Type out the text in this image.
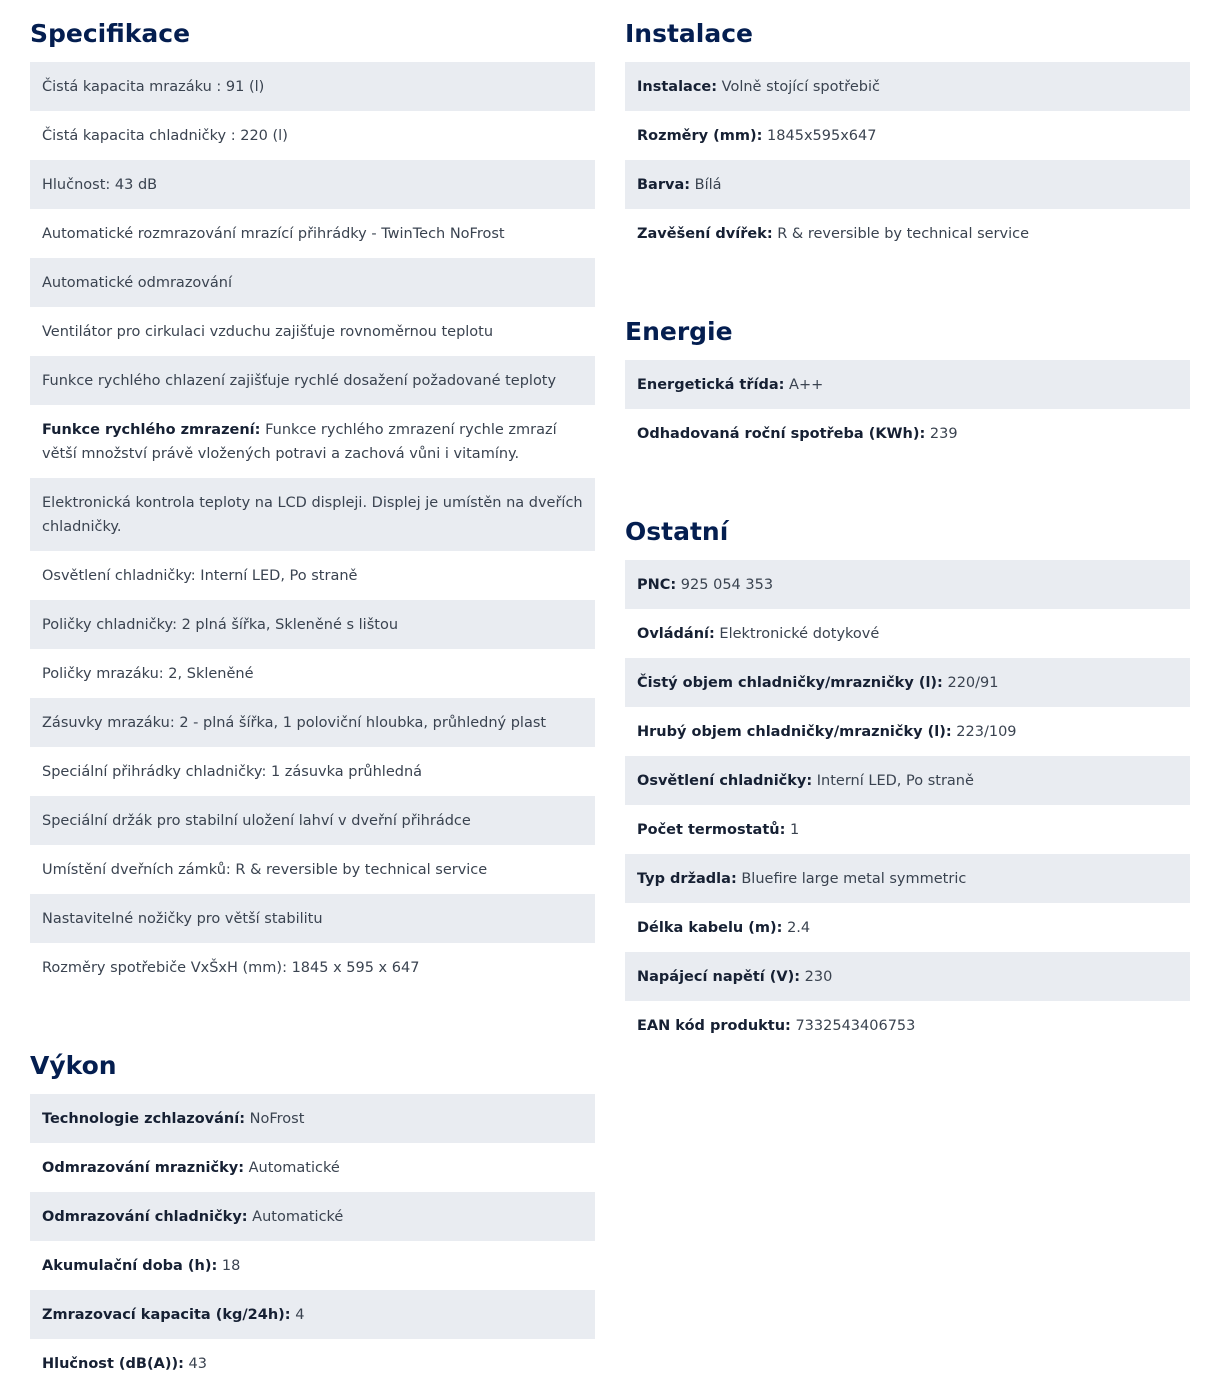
Specifikace
Čistá kapacita mrazáku : 91 (l)
Čistá kapacita chladničky : 220 (l)
Hlučnost: 43 dB
Automatické rozmrazování mrazící přihrádky - TwinTech NoFrost
Automatické odmrazování
Ventilátor pro cirkulaci vzduchu zajišťuje rovnoměrnou teplotu
Funkce rychlého chlazení zajišťuje rychlé dosažení požadované teploty
Funkce rychlého zmrazení: Funkce rychlého zmrazení rychle zmrazí větší množství právě vložených potravi a zachová vůni i vitamíny.
Elektronická kontrola teploty na LCD displeji. Displej je umístěn na dveřích chladničky.
Osvětlení chladničky: Interní LED, Po straně
Poličky chladničky: 2 plná šířka, Skleněné s lištou
Poličky mrazáku: 2, Skleněné
Zásuvky mrazáku: 2 - plná šířka, 1 poloviční hloubka, průhledný plast
Speciální přihrádky chladničky: 1 zásuvka průhledná
Speciální držák pro stabilní uložení lahví v dveřní přihrádce
Umístění dveřních zámků: R & reversible by technical service
Nastavitelné nožičky pro větší stabilitu
Rozměry spotřebiče VxŠxH (mm): 1845 x 595 x 647
Výkon
Technologie zchlazování: NoFrost
Odmrazování mrazničky: Automatické
Odmrazování chladničky: Automatické
Akumulační doba (h): 18
Zmrazovací kapacita (kg/24h): 4
Hlučnost (dB(A)): 43
Instalace
Instalace: Volně stojící spotřebič
Rozměry (mm): 1845x595x647
Barva: Bílá
Zavěšení dvířek: R & reversible by technical service
Energie
Energetická třída: A++
Odhadovaná roční spotřeba (KWh): 239
Ostatní
PNC: 925 054 353
Ovládání: Elektronické dotykové
Čistý objem chladničky/mrazničky (l): 220/91
Hrubý objem chladničky/mrazničky (l): 223/109
Osvětlení chladničky: Interní LED, Po straně
Počet termostatů: 1
Typ držadla: Bluefire large metal symmetric
Délka kabelu (m): 2.4
Napájecí napětí (V): 230
EAN kód produktu: 7332543406753
